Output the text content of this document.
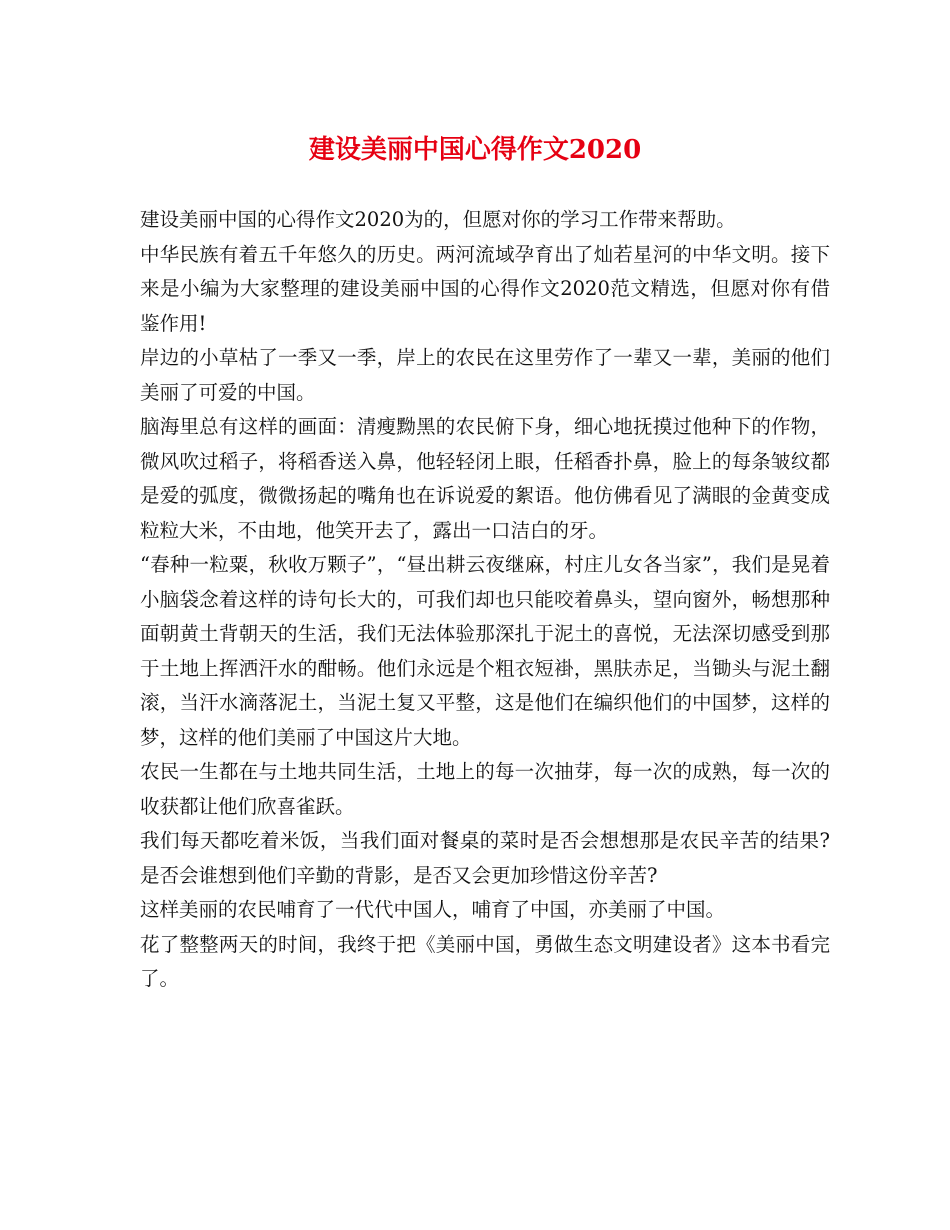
建设美丽中国心得作文2020

建设美丽中国的心得作文2020为的，但愿对你的学习工作带来帮助。

中华民族有着五千年悠久的历史。两河流域孕育出了灿若星河的中华文明。接下来是小编为大家整理的建设美丽中国的心得作文2020范文精选，但愿对你有借鉴作用!

岸边的小草枯了一季又一季，岸上的农民在这里劳作了一辈又一辈，美丽的他们美丽了可爱的中国。

脑海里总有这样的画面：清瘦黝黑的农民俯下身，细心地抚摸过他种下的作物，微风吹过稻子，将稻香送入鼻，他轻轻闭上眼，任稻香扑鼻，脸上的每条皱纹都是爱的弧度，微微扬起的嘴角也在诉说爱的絮语。他仿佛看见了满眼的金黄变成粒粒大米，不由地，他笑开去了，露出一口洁白的牙。

“春种一粒粟，秋收万颗子”，“昼出耕云夜继麻，村庄儿女各当家”，我们是晃着小脑袋念着这样的诗句长大的，可我们却也只能咬着鼻头，望向窗外，畅想那种面朝黄土背朝天的生活，我们无法体验那深扎于泥土的喜悦，无法深切感受到那于土地上挥洒汗水的酣畅。他们永远是个粗衣短褂，黑肤赤足，当锄头与泥土翻滚，当汗水滴落泥土，当泥土复又平整，这是他们在编织他们的中国梦，这样的梦，这样的他们美丽了中国这片大地。

农民一生都在与土地共同生活，土地上的每一次抽芽，每一次的成熟，每一次的收获都让他们欣喜雀跃。

我们每天都吃着米饭，当我们面对餐桌的菜时是否会想想那是农民辛苦的结果?是否会谁想到他们辛勤的背影，是否又会更加珍惜这份辛苦?

这样美丽的农民哺育了一代代中国人，哺育了中国，亦美丽了中国。

花了整整两天的时间，我终于把《美丽中国，勇做生态文明建设者》这本书看完了。
